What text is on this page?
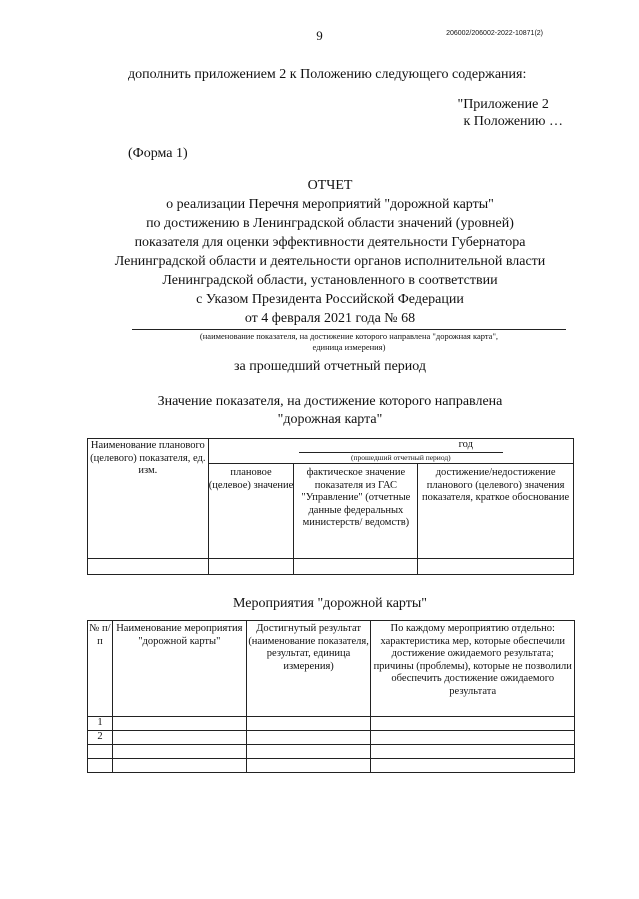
9	206002/206002-2022-10871(2)
дополнить приложением 2 к Положению следующего содержания:
"Приложение 2
к Положению …
(Форма 1)
ОТЧЕТ
о реализации Перечня мероприятий "дорожной карты"
по достижению в Ленинградской области значений (уровней)
показателя для оценки эффективности деятельности Губернатора
Ленинградской области и деятельности органов исполнительной власти
Ленинградской области, установленного в соответствии
с Указом Президента Российской Федерации
от 4 февраля 2021 года № 68
(наименование показателя, на достижение которого направлена "дорожная карта",
единица измерения)
за прошедший отчетный период
Значение показателя, на достижение которого направлена
"дорожная карта"
Наименование планового (целевого) показателя, ед. изм.	год
(прошедший отчетный период)		

	плановое (целевое) значение	фактическое значение показателя из ГАС "Управление" (отчетные данные федеральных министерств/ ведомств)	достижение/недостижение планового (целевого) значения показателя, краткое обоснование

Мероприятия "дорожной карты"
№ п/п	Наименование мероприятия "дорожной карты"	Достигнутый результат (наименование показателя, результат, единица измерения)	По каждому мероприятию отдельно: характеристика мер, которые обеспечили достижение ожидаемого результата; причины (проблемы), которые не позволили обеспечить достижение ожидаемого результата
1			
2			
